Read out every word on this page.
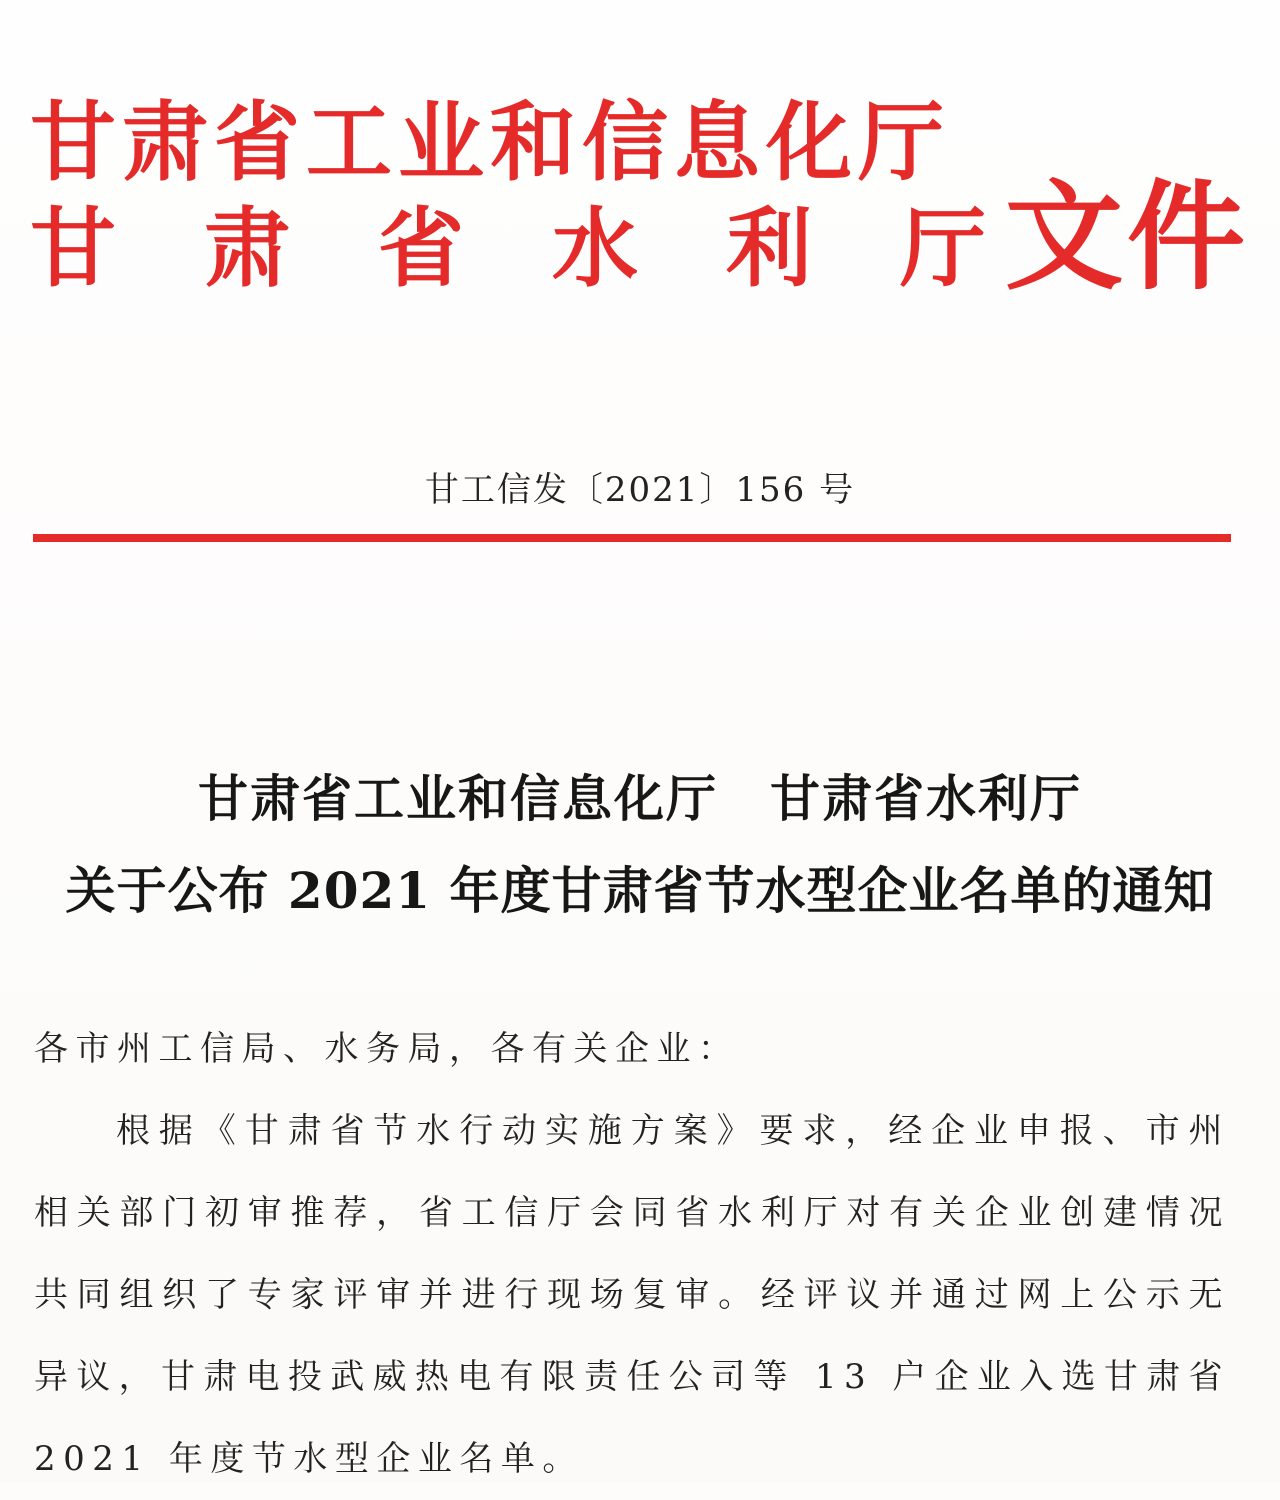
甘肃省工业和信息化厅
甘肃省水利厅
文件
甘工信发〔2021〕156 号
甘肃省工业和信息化厅　甘肃省水利厅
关于公布 2021 年度甘肃省节水型企业名单的通知

各市州工信局、水务局，各有关企业：

根据《甘肃省节水行动实施方案》要求，经企业申报、市州相关部门初审推荐，省工信厅会同省水利厅对有关企业创建情况共同组织了专家评审并进行现场复审。经评议并通过网上公示无异议，甘肃电投武威热电有限责任公司等 13 户企业入选甘肃省 2021 年度节水型企业名单。
